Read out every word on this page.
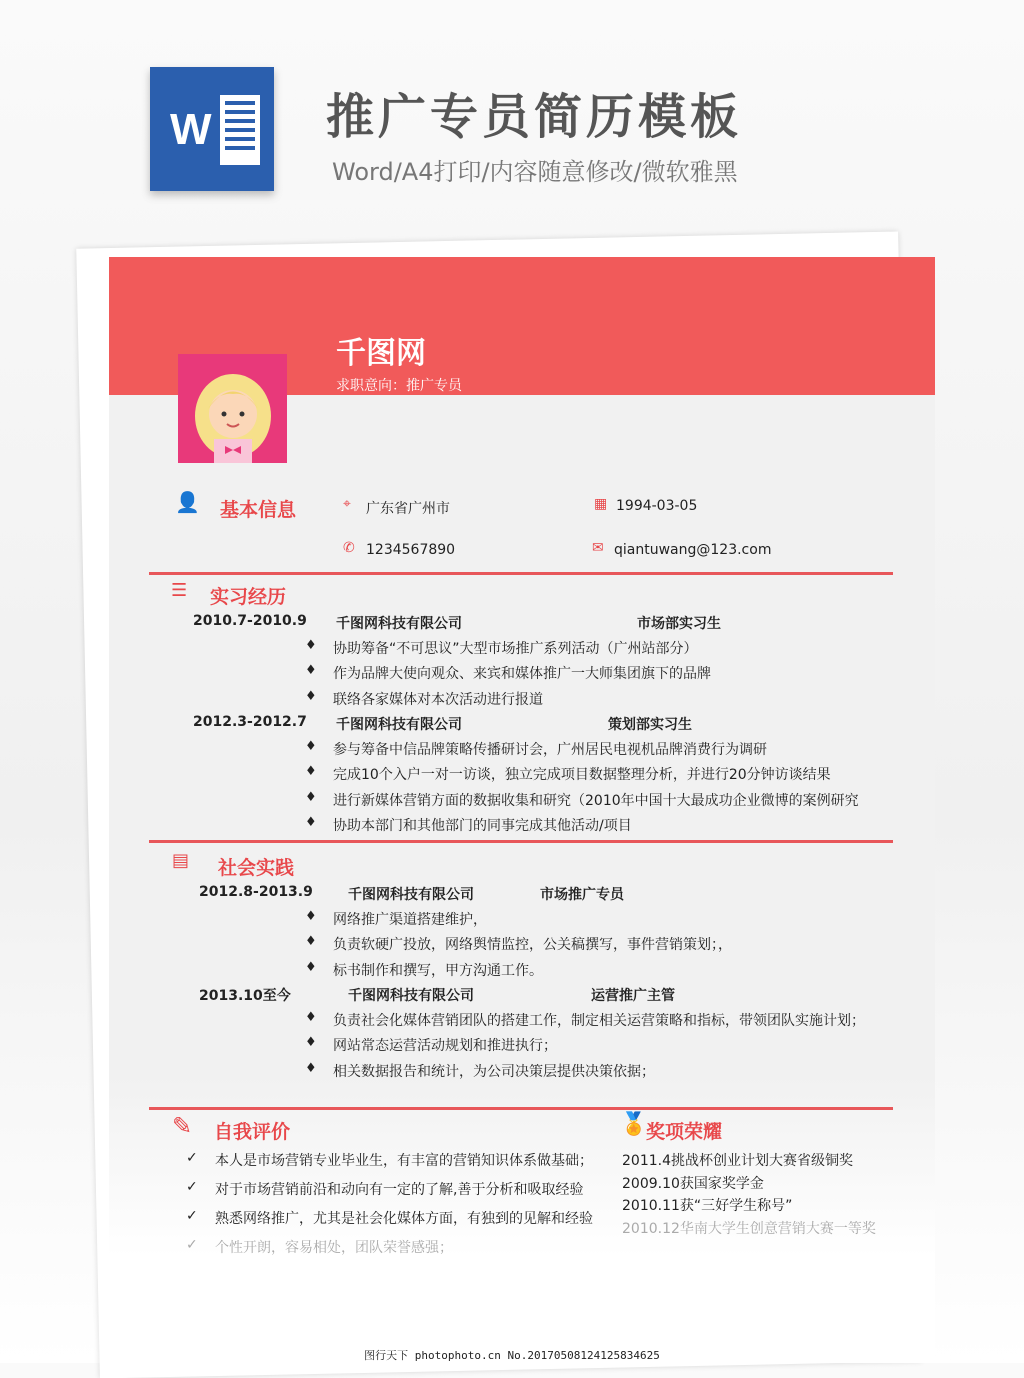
W 推广专员简历模板
Word/A4打印/内容随意修改/微软雅黑
千图网
求职意向：推广专员
👤 基本信息	⌖ 广东省广州市	▦ 1994-03-05
✆ 1234567890	✉ qiantuwang@123.com
☰ 实习经历
▤ 社会实践
✎ 自我评价	🏅
奖项荣耀
图行天下 photophoto.cn No.20170508124125834625
2010.7-2010.9 千图网科技有限公司	市场部实习生
♦ 协助筹备“不可思议”大型市场推广系列活动（广州站部分）
♦ 作为品牌大使向观众、来宾和媒体推广一大师集团旗下的品牌
♦ 联络各家媒体对本次活动进行报道
2012.3-2012.7 千图网科技有限公司	策划部实习生
♦ 参与筹备中信品牌策略传播研讨会，广州居民电视机品牌消费行为调研
♦ 完成10个入户一对一访谈，独立完成项目数据整理分析，并进行20分钟访谈结果
♦ 进行新媒体营销方面的数据收集和研究（2010年中国十大最成功企业微博的案例研究
♦ 协助本部门和其他部门的同事完成其他活动/项目
2012.8-2013.9	千图网科技有限公司	市场推广专员
♦ 网络推广渠道搭建维护，
♦ 负责软硬广投放，网络舆情监控，公关稿撰写，事件营销策划；，
♦ 标书制作和撰写，甲方沟通工作。
2013.10至今	千图网科技有限公司	运营推广主管
♦ 负责社会化媒体营销团队的搭建工作，制定相关运营策略和指标，带领团队实施计划；
♦ 网站常态运营活动规划和推进执行；
♦ 相关数据报告和统计，为公司决策层提供决策依据；
✓ 本人是市场营销专业毕业生，有丰富的营销知识体系做基础；
✓ 对于市场营销前沿和动向有一定的了解,善于分析和吸取经验
✓ 熟悉网络推广，尤其是社会化媒体方面，有独到的见解和经验
✓ 个性开朗，容易相处，团队荣誉感强；
2011.4挑战杯创业计划大赛省级铜奖
2009.10获国家奖学金
2010.11获“三好学生称号”
2010.12华南大学生创意营销大赛一等奖
